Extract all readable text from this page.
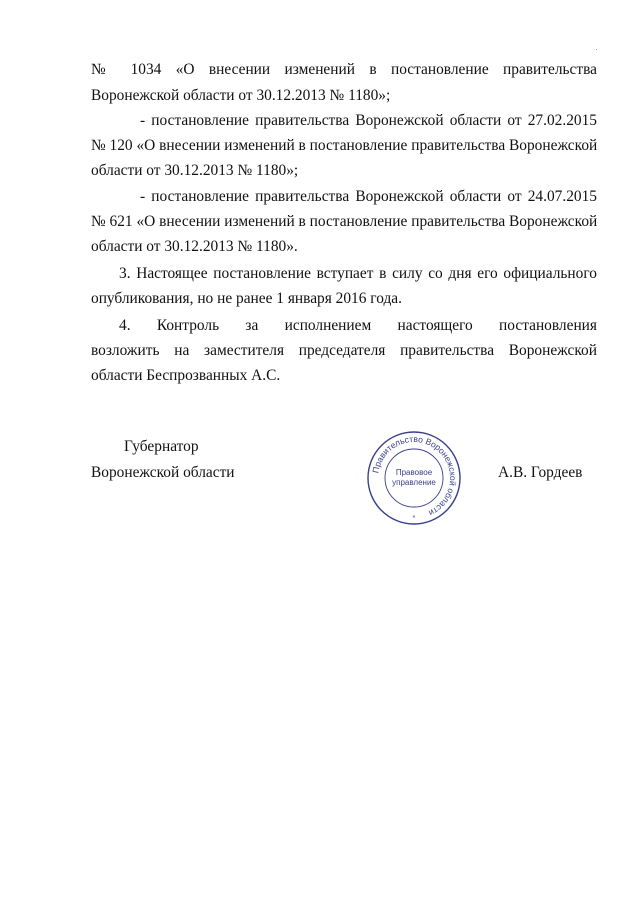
№ 1034 «О внесении изменений в постановление правительства
Воронежской области от 30.12.2013 № 1180»;
- постановление правительства Воронежской области от 27.02.2015
№ 120 «О внесении изменений в постановление правительства Воронежской
области от 30.12.2013 № 1180»;
- постановление правительства Воронежской области от 24.07.2015
№ 621 «О внесении изменений в постановление правительства Воронежской
области от 30.12.2013 № 1180».
3. Настоящее постановление вступает в силу со дня его официального
опубликования, но не ранее 1 января 2016 года.
4. Контроль за исполнением настоящего постановления
возложить на заместителя председателя правительства Воронежской
области Беспрозванных А.С.
Губернатор
Воронежской области	А.В. Гордеев
Правительство Воронежской области
Правовое
управление
*
